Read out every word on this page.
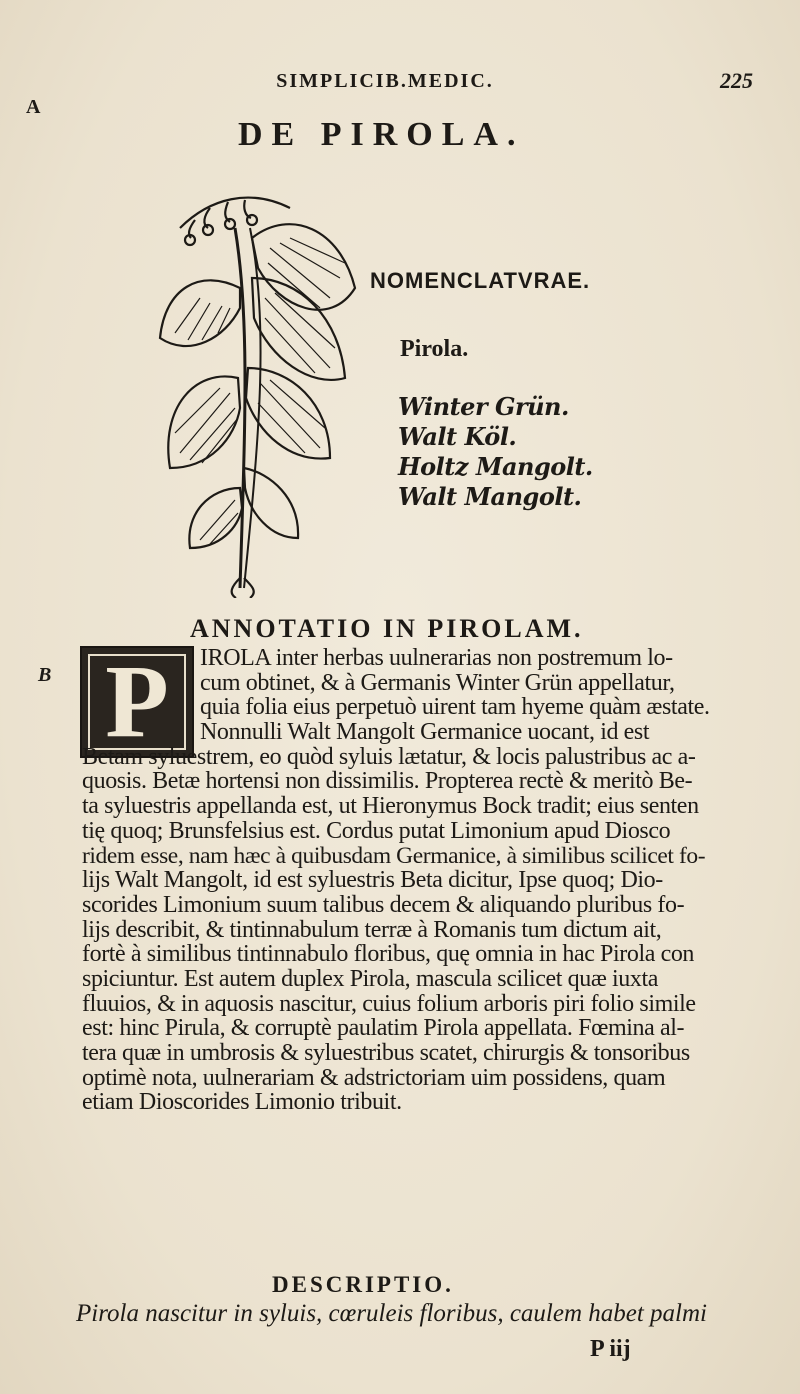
A
B
SIMPLICIB.MEDIC.	225
DE PIROLA.
NOMENCLATVRAE.
Pirola.
Winter Grün.
Walt Köl.
Holtz Mangolt.
Walt Mangolt.
ANNOTATIO IN PIROLAM.
P	IROLA inter herbas uulnerarias non postremum lo-
cum obtinet, & à Germanis Winter Grün appellatur,
quia folia eius perpetuò uirent tam hyeme quàm æstate.
Nonnulli Walt Mangolt Germanice uocant, id est
Betam syluestrem, eo quòd syluis lætatur, & locis palustribus ac a-
quosis. Betæ hortensi non dissimilis. Propterea rectè & meritò Be-
ta syluestris appellanda est, ut Hieronymus Bock tradit; eius senten
tię quoq; Brunsfelsius est. Cordus putat Limonium apud Diosco
ridem esse, nam hæc à quibusdam Germanice, à similibus scilicet fo-
lijs Walt Mangolt, id est syluestris Beta dicitur, Ipse quoq; Dio-
scorides Limonium suum talibus decem & aliquando pluribus fo-
lijs describit, & tintinnabulum terræ à Romanis tum dictum ait,
fortè à similibus tintinnabulo floribus, quę omnia in hac Pirola con
spiciuntur. Est autem duplex Pirola, mascula scilicet quæ iuxta
fluuios, & in aquosis nascitur, cuius folium arboris piri folio simile
est: hinc Pirula, & corruptè paulatim Pirola appellata. Fœmina al-
tera quæ in umbrosis & syluestribus scatet, chirurgis & tonsoribus
optimè nota, uulnerariam & adstrictoriam uim possidens, quam
etiam Dioscorides Limonio tribuit.
DESCRIPTIO.
Pirola nascitur in syluis, cœruleis floribus, caulem habet palmi
P iij
